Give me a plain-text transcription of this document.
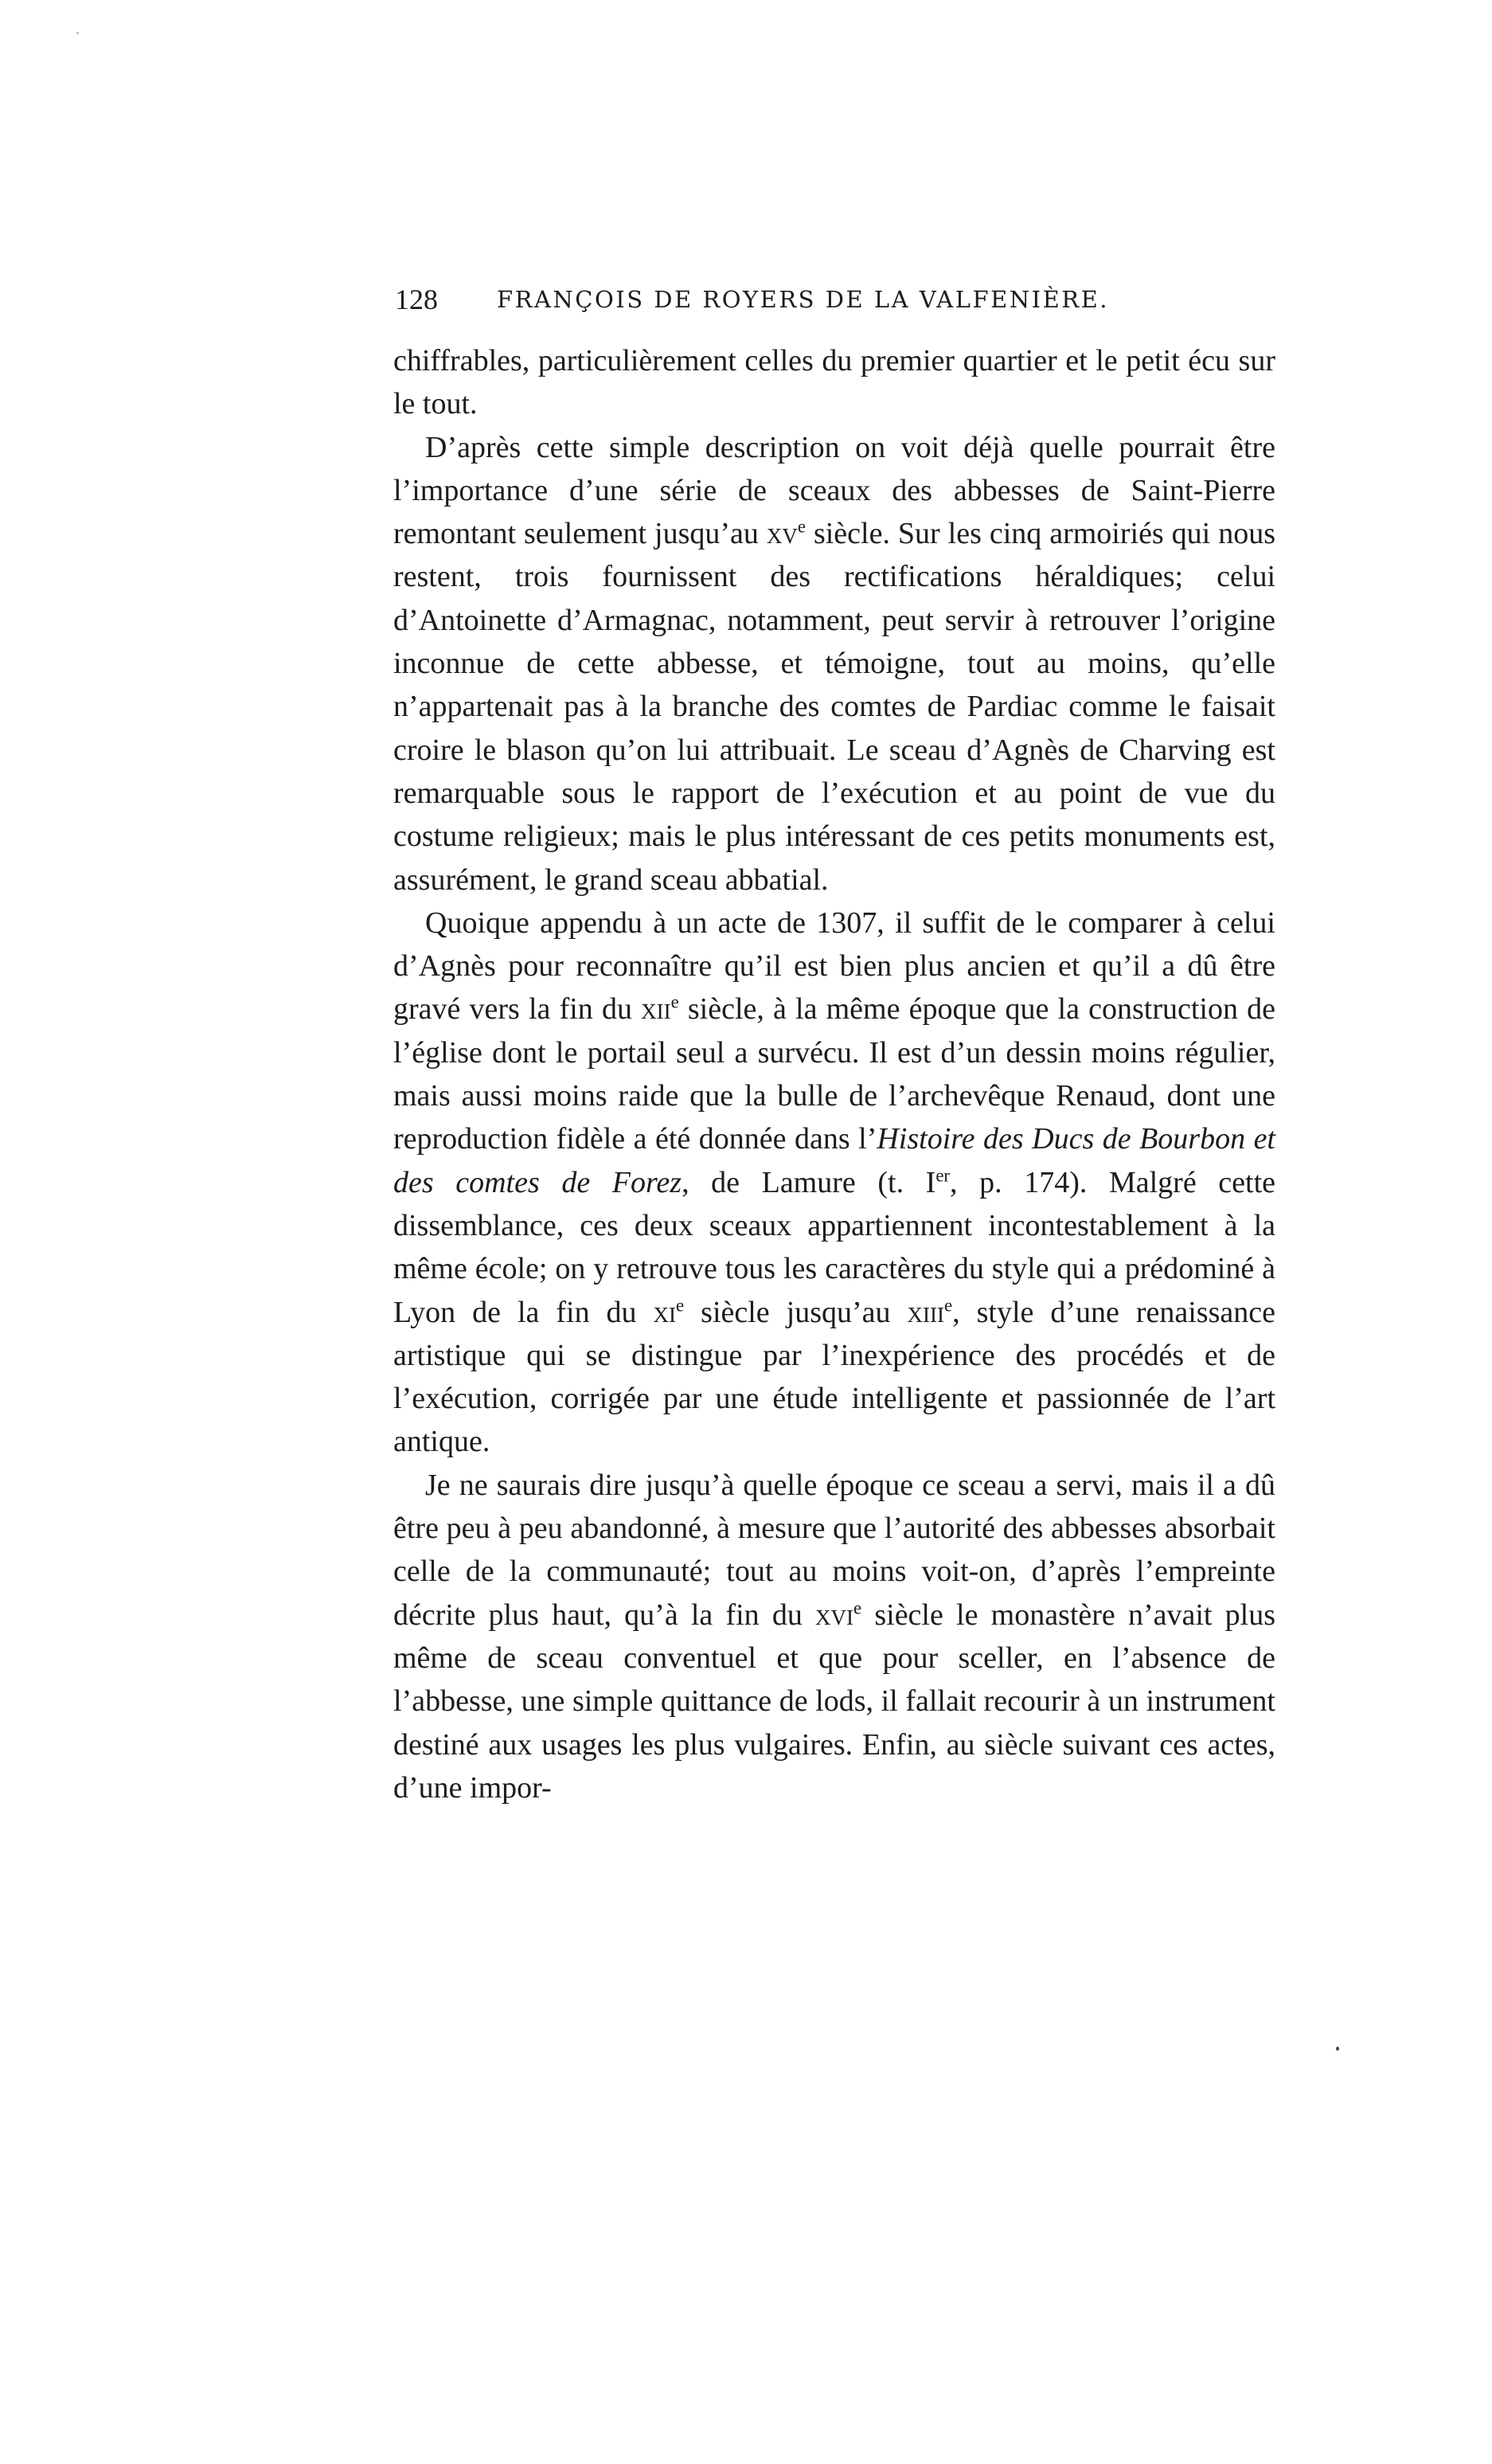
128	FRANÇOIS DE ROYERS DE LA VALFENIÈRE.

chiffrables, particulièrement celles du premier quartier et le petit écu sur le tout.

D’après cette simple description on voit déjà quelle pourrait être l’importance d’une série de sceaux des abbesses de Saint-Pierre remontant seulement jusqu’au $xv^e$ siècle. Sur les cinq armoiriés qui nous restent, trois fournissent des rectifications héraldiques; celui d’Antoinette d’Armagnac, notamment, peut servir à retrouver l’origine inconnue de cette abbesse, et témoigne, tout au moins, qu’elle n’appartenait pas à la branche des comtes de Pardiac comme le faisait croire le blason qu’on lui attribuait. Le sceau d’Agnès de Charving est remarquable sous le rapport de l’exécution et au point de vue du costume religieux; mais le plus intéressant de ces petits monuments est, assurément, le grand sceau abbatial.

Quoique appendu à un acte de 1307, il suffit de le comparer à celui d’Agnès pour reconnaître qu’il est bien plus ancien et qu’il a dû être gravé vers la fin du xii$^e$ siècle, à la même époque que la construction de l’église dont le portail seul a survécu. Il est d’un dessin moins régulier, mais aussi moins raide que la bulle de l’archevêque Renaud, dont une reproduction fidèle a été donnée dans l’Histoire des Ducs de Bourbon et des comtes de Forez, de Lamure (t. Ier, p. 174). Malgré cette dissemblance, ces deux sceaux appartiennent incontestablement à la même école; on y retrouve tous les caractères du style qui a prédominé à Lyon de la fin du $xi^e$ siècle jusqu’au xiii$^e$, style d’une renaissance artistique qui se distingue par l’inexpérience des procédés et de l’exécution, corrigée par une étude intelligente et passionnée de l’art antique.

Je ne saurais dire jusqu’à quelle époque ce sceau a servi, mais il a dû être peu à peu abandonné, à mesure que l’autorité des abbesses absorbait celle de la communauté; tout au moins voit-on, d’après l’empreinte décrite plus haut, qu’à la fin du xvi$^e$ siècle le monastère n’avait plus même de sceau conventuel et que pour sceller, en l’absence de l’abbesse, une simple quittance de lods, il fallait recourir à un instrument destiné aux usages les plus vulgaires. Enfin, au siècle suivant ces actes, d’une impor-
